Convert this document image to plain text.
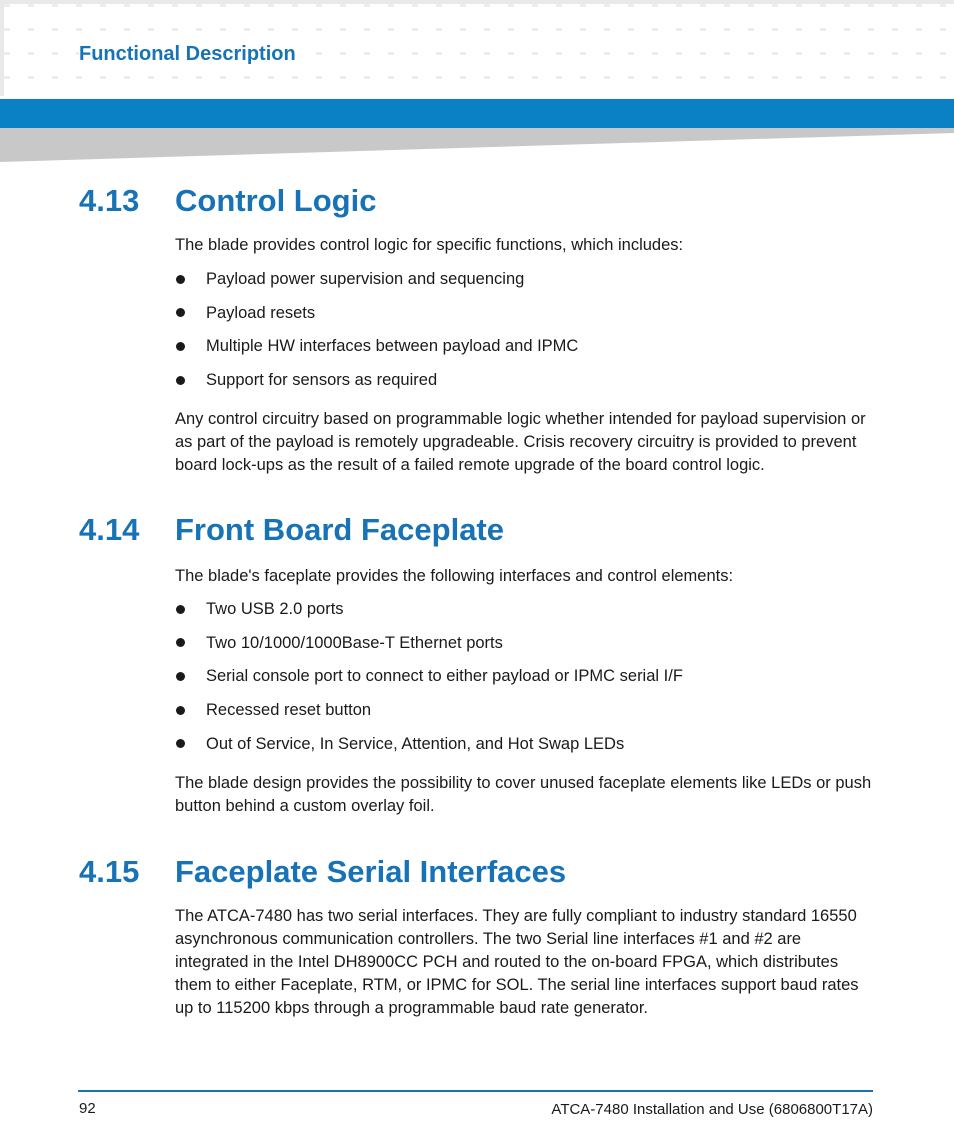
Functional Description
4.13 Control Logic

The blade provides control logic for specific functions, which includes:

Payload power supervision and sequencing
Payload resets
Multiple HW interfaces between payload and IPMC
Support for sensors as required

Any control circuitry based on programmable logic whether intended for payload supervision or as part of the payload is remotely upgradeable. Crisis recovery circuitry is provided to prevent board lock-ups as the result of a failed remote upgrade of the board control logic.

4.14 Front Board Faceplate

The blade's faceplate provides the following interfaces and control elements:

Two USB 2.0 ports
Two 10/1000/1000Base-T Ethernet ports
Serial console port to connect to either payload or IPMC serial I/F
Recessed reset button
Out of Service, In Service, Attention, and Hot Swap LEDs

The blade design provides the possibility to cover unused faceplate elements like LEDs or push button behind a custom overlay foil.

4.15 Faceplate Serial Interfaces

The ATCA-7480 has two serial interfaces. They are fully compliant to industry standard 16550 asynchronous communication controllers. The two Serial line interfaces #1 and #2 are integrated in the Intel DH8900CC PCH and routed to the on-board FPGA, which distributes them to either Faceplate, RTM, or IPMC for SOL. The serial line interfaces support baud rates up to 115200 kbps through a programmable baud rate generator.

92	ATCA-7480 Installation and Use (6806800T17A)
